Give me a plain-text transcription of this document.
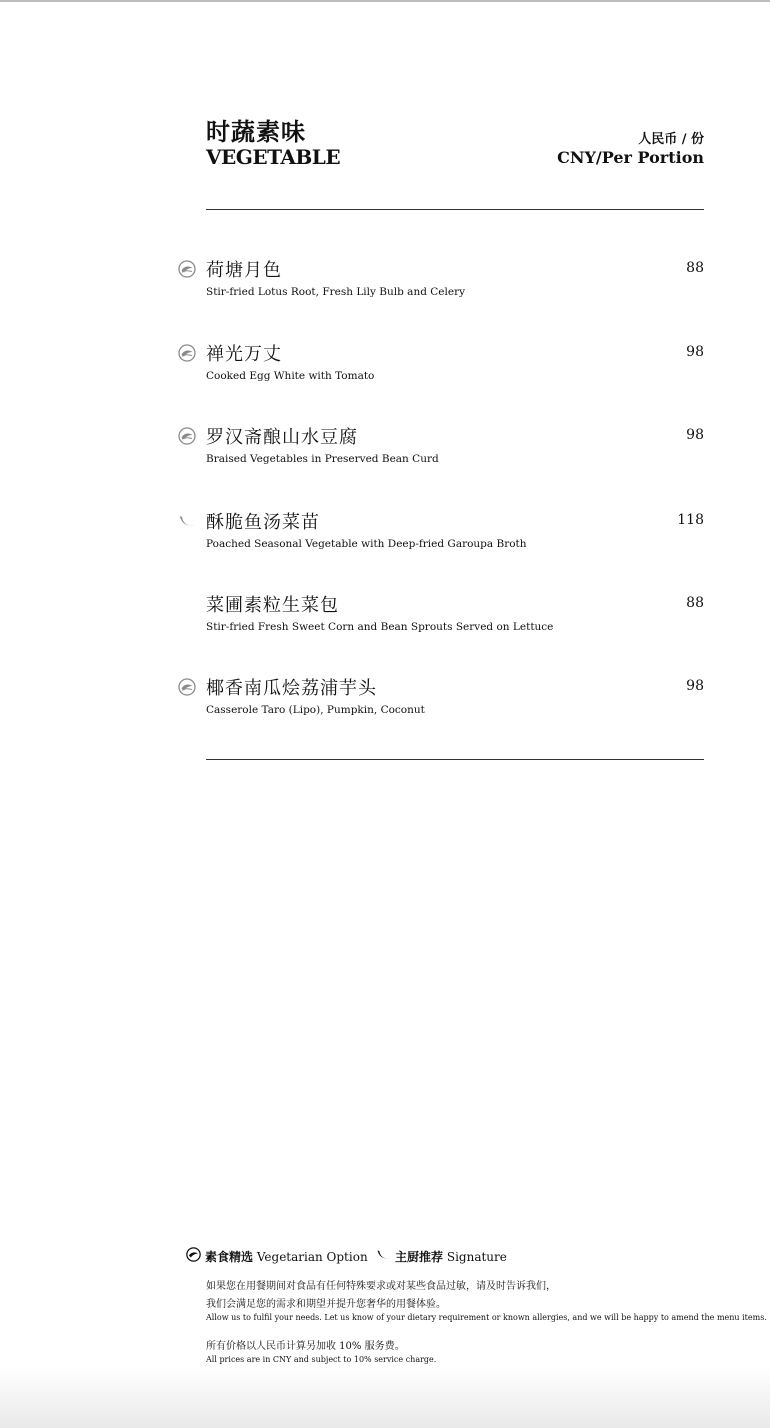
时蔬素味
VEGETABLE
人民币 / 份
CNY/Per Portion
荷塘月色
Stir-fried Lotus Root, Fresh Lily Bulb and Celery
88
禅光万丈
Cooked Egg White with Tomato
98
罗汉斋酿山水豆腐
Braised Vegetables in Preserved Bean Curd
98
酥脆鱼汤菜苗
Poached Seasonal Vegetable with Deep-fried Garoupa Broth
118
菜圃素粒生菜包
Stir-fried Fresh Sweet Corn and Bean Sprouts Served on Lettuce
88
椰香南瓜烩荔浦芋头
Casserole Taro (Lipo), Pumpkin, Coconut
98
素食精选 Vegetarian Option 主厨推荐 Signature
如果您在用餐期间对食品有任何特殊要求或对某些食品过敏，请及时告诉我们，
我们会满足您的需求和期望并提升您奢华的用餐体验。
Allow us to fulfil your needs. Let us know of your dietary requirement or known allergies, and we will be happy to amend the menu items.
所有价格以人民币计算另加收 10% 服务费。
All prices are in CNY and subject to 10% service charge.
